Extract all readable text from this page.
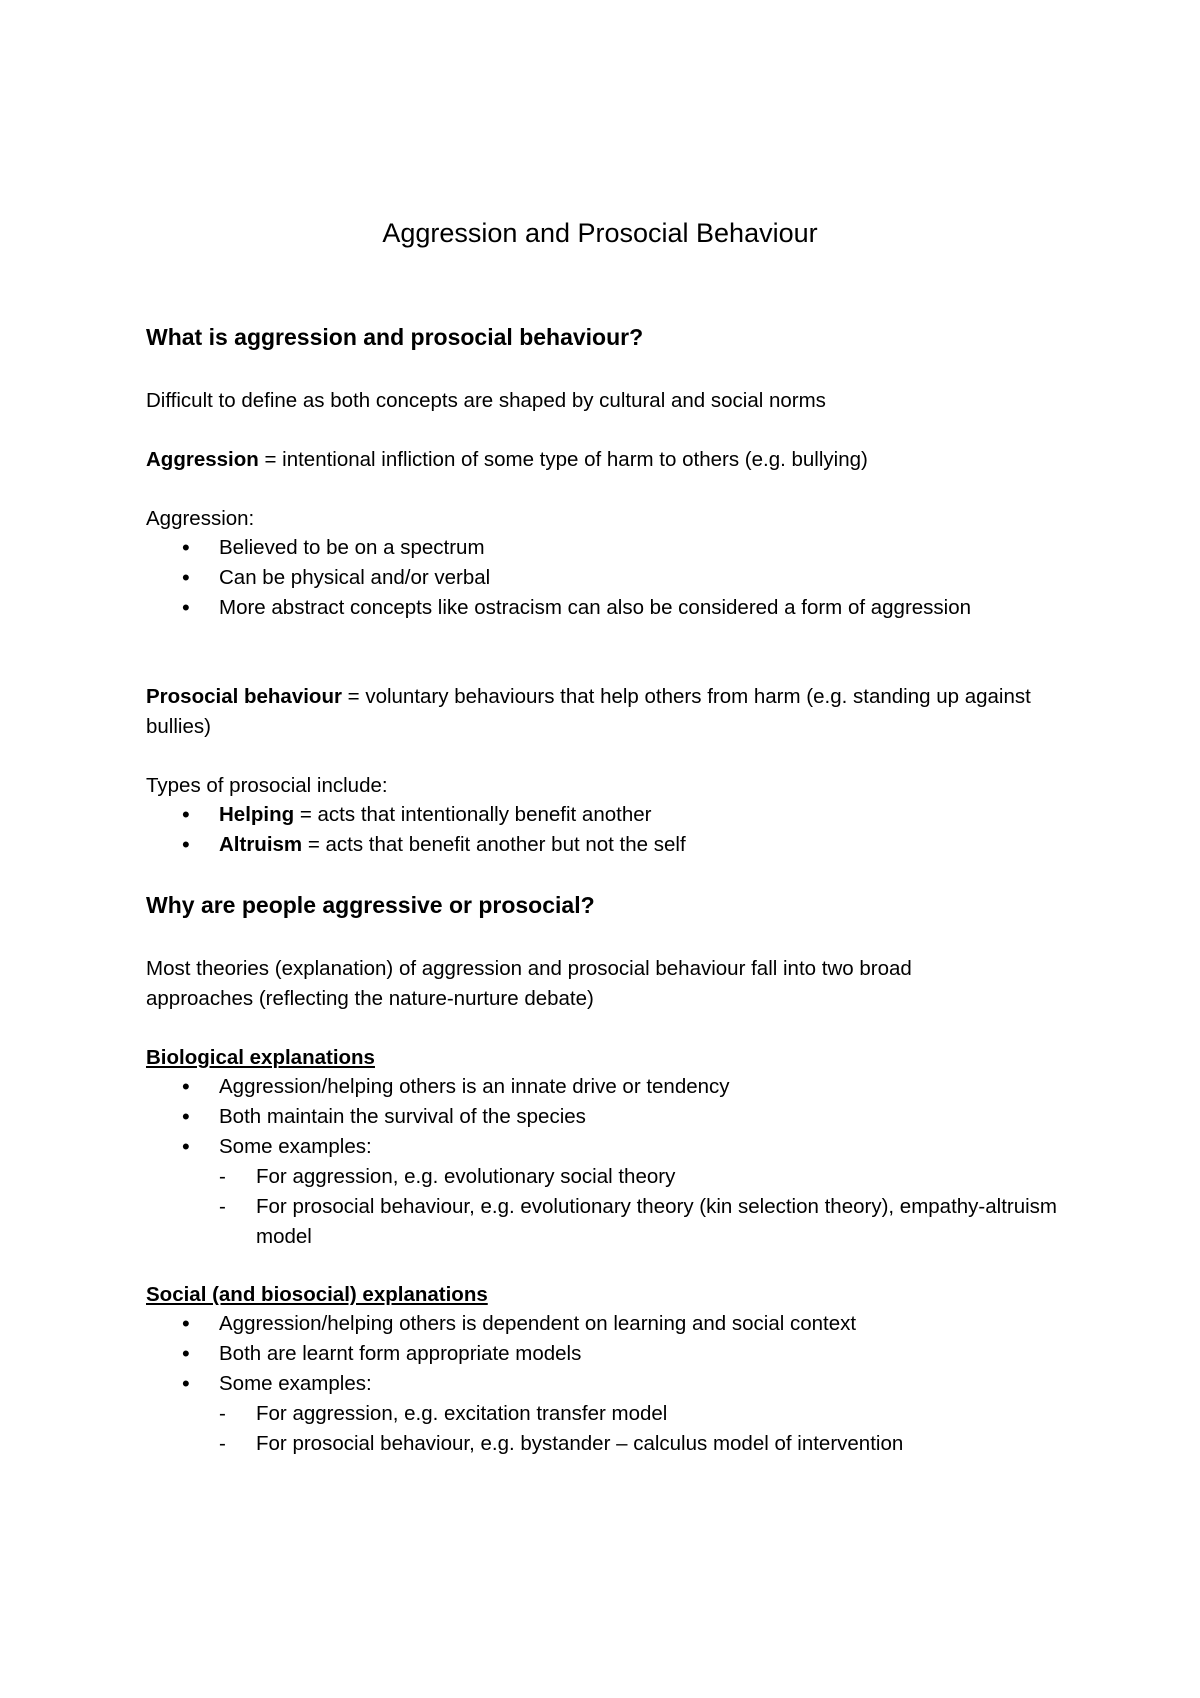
Aggression and Prosocial Behaviour
What is aggression and prosocial behaviour?

Difficult to define as both concepts are shaped by cultural and social norms

Aggression = intentional infliction of some type of harm to others (e.g. bullying)

Aggression:

• Believed to be on a spectrum
• Can be physical and/or verbal
• More abstract concepts like ostracism can also be considered a form of aggression

Prosocial behaviour = voluntary behaviours that help others from harm (e.g. standing up against bullies)

Types of prosocial include:

• Helping = acts that intentionally benefit another
• Altruism = acts that benefit another but not the self
Why are people aggressive or prosocial?

Most theories (explanation) of aggression and prosocial behaviour fall into two broad approaches (reflecting the nature-nurture debate)

Biological explanations

• Aggression/helping others is an innate drive or tendency
• Both maintain the survival of the species
• Some examples:
- For aggression, e.g. evolutionary social theory
- For prosocial behaviour, e.g. evolutionary theory (kin selection theory), empathy-altruism model

Social (and biosocial) explanations

• Aggression/helping others is dependent on learning and social context
• Both are learnt form appropriate models
• Some examples:
- For aggression, e.g. excitation transfer model
- For prosocial behaviour, e.g. bystander – calculus model of intervention
